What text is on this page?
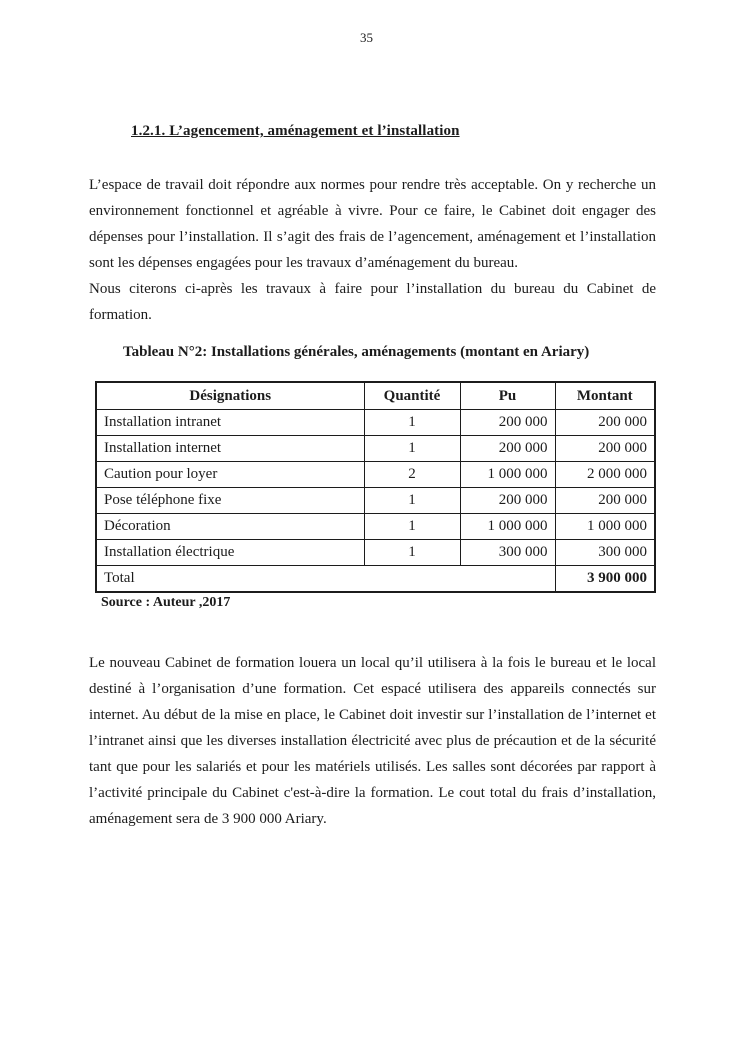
35
1.2.1. L’agencement, aménagement et l’installation
L’espace de travail doit répondre aux normes pour rendre très acceptable. On y recherche un
environnement fonctionnel et agréable à vivre. Pour ce faire, le Cabinet doit engager des
dépenses pour l’installation. Il s’agit des frais de l’agencement, aménagement et l’installation
sont les dépenses engagées pour les travaux d’aménagement du bureau.
Nous citerons ci-après les travaux à faire pour l’installation du bureau du Cabinet de
formation.
Tableau N°2: Installations générales, aménagements (montant en Ariary)
Désignations	Quantité	Pu	Montant
Installation intranet	1	200 000	200 000
Installation internet	1	200 000	200 000
Caution pour loyer	2	1 000 000	2 000 000
Pose téléphone fixe	1	200 000	200 000
Décoration	1	1 000 000	1 000 000
Installation électrique	1	300 000	300 000
Total			3 900 000
Source : Auteur ,2017
Le nouveau Cabinet de formation louera un local qu’il utilisera à la fois le bureau et le local
destiné à l’organisation d’une formation. Cet espacé utilisera des appareils connectés sur
internet. Au début de la mise en place, le Cabinet doit investir sur l’installation de l’internet et
l’intranet ainsi que les diverses installation électricité avec plus de précaution et de la sécurité
tant que pour les salariés et pour les matériels utilisés. Les salles sont décorées par rapport à
l’activité principale du Cabinet c'est-à-dire la formation. Le cout total du frais d’installation,
aménagement sera de 3 900 000 Ariary.
